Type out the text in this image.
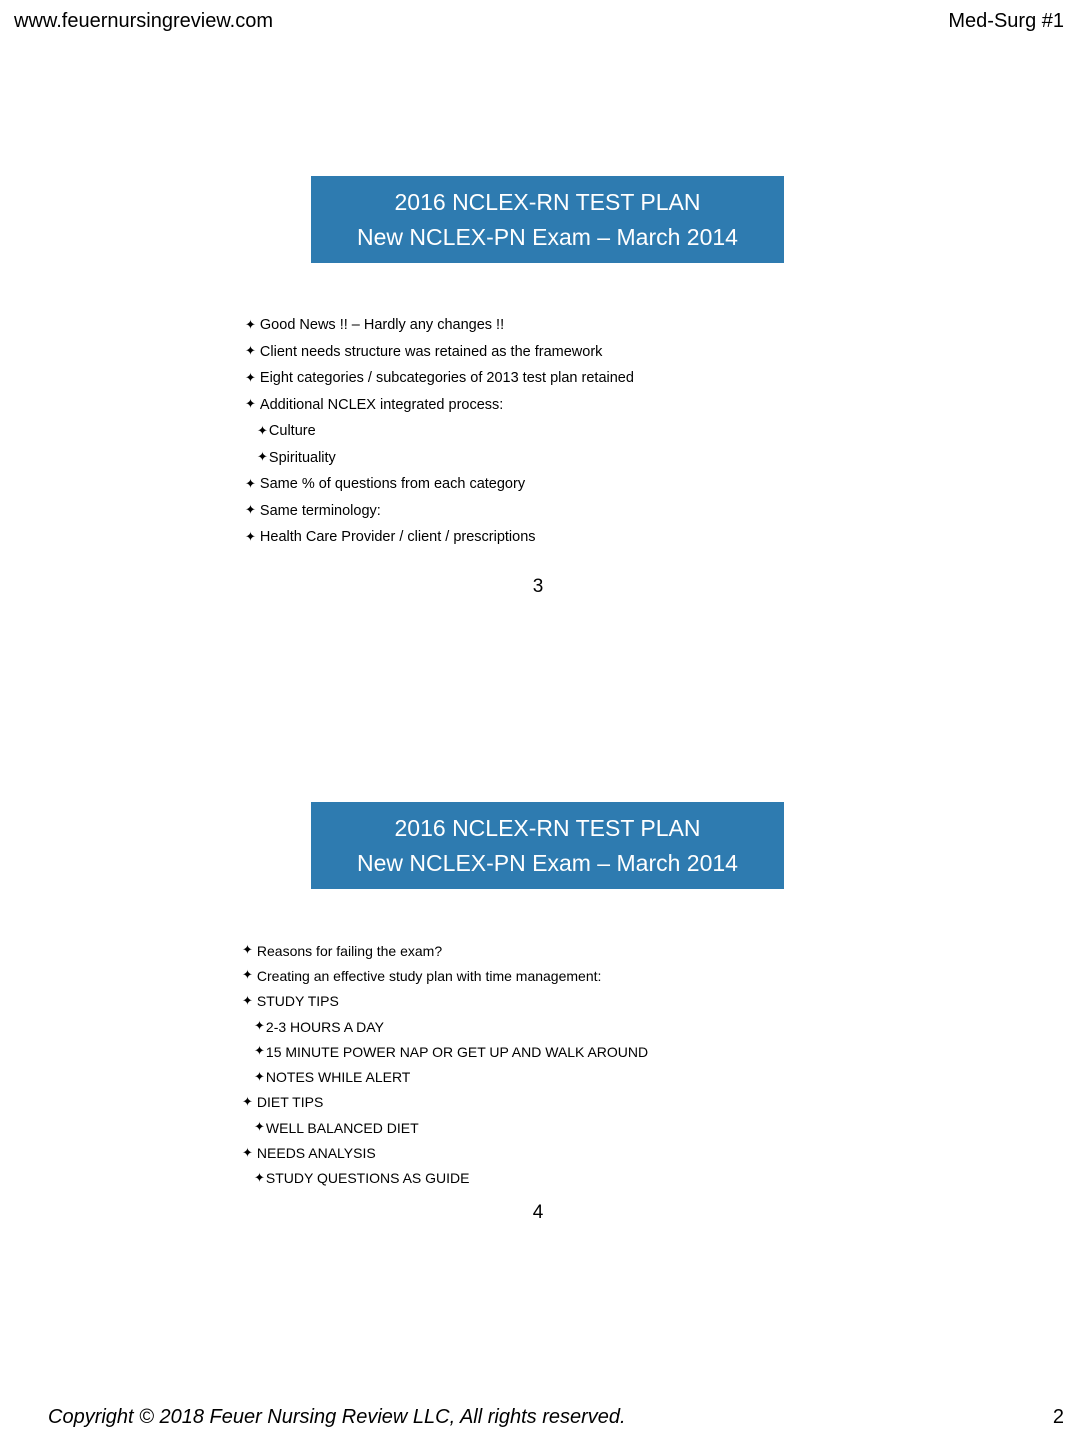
www.feuernursingreview.com	Med-Surg #1
2016 NCLEX-RN TEST PLAN
New NCLEX-PN Exam – March 2014
✦ Good News !! – Hardly any changes !!
✦ Client needs structure was retained as the framework
✦ Eight categories / subcategories of 2013 test plan retained
✦ Additional NCLEX integrated process:
✦ Culture
✦ Spirituality
✦ Same % of questions from each category
✦ Same terminology:
✦ Health Care Provider / client / prescriptions
3
2016 NCLEX-RN TEST PLAN
New NCLEX-PN Exam – March 2014
✦ Reasons for failing the exam?
✦ Creating an effective study plan with time management:
✦ STUDY TIPS
✦ 2-3 HOURS A DAY
✦ 15 MINUTE POWER NAP OR GET UP AND WALK AROUND
✦ NOTES WHILE ALERT
✦ DIET TIPS
✦ WELL BALANCED DIET
✦ NEEDS ANALYSIS
✦ STUDY QUESTIONS AS GUIDE
4
Copyright © 2018 Feuer Nursing Review LLC, All rights reserved.	2
